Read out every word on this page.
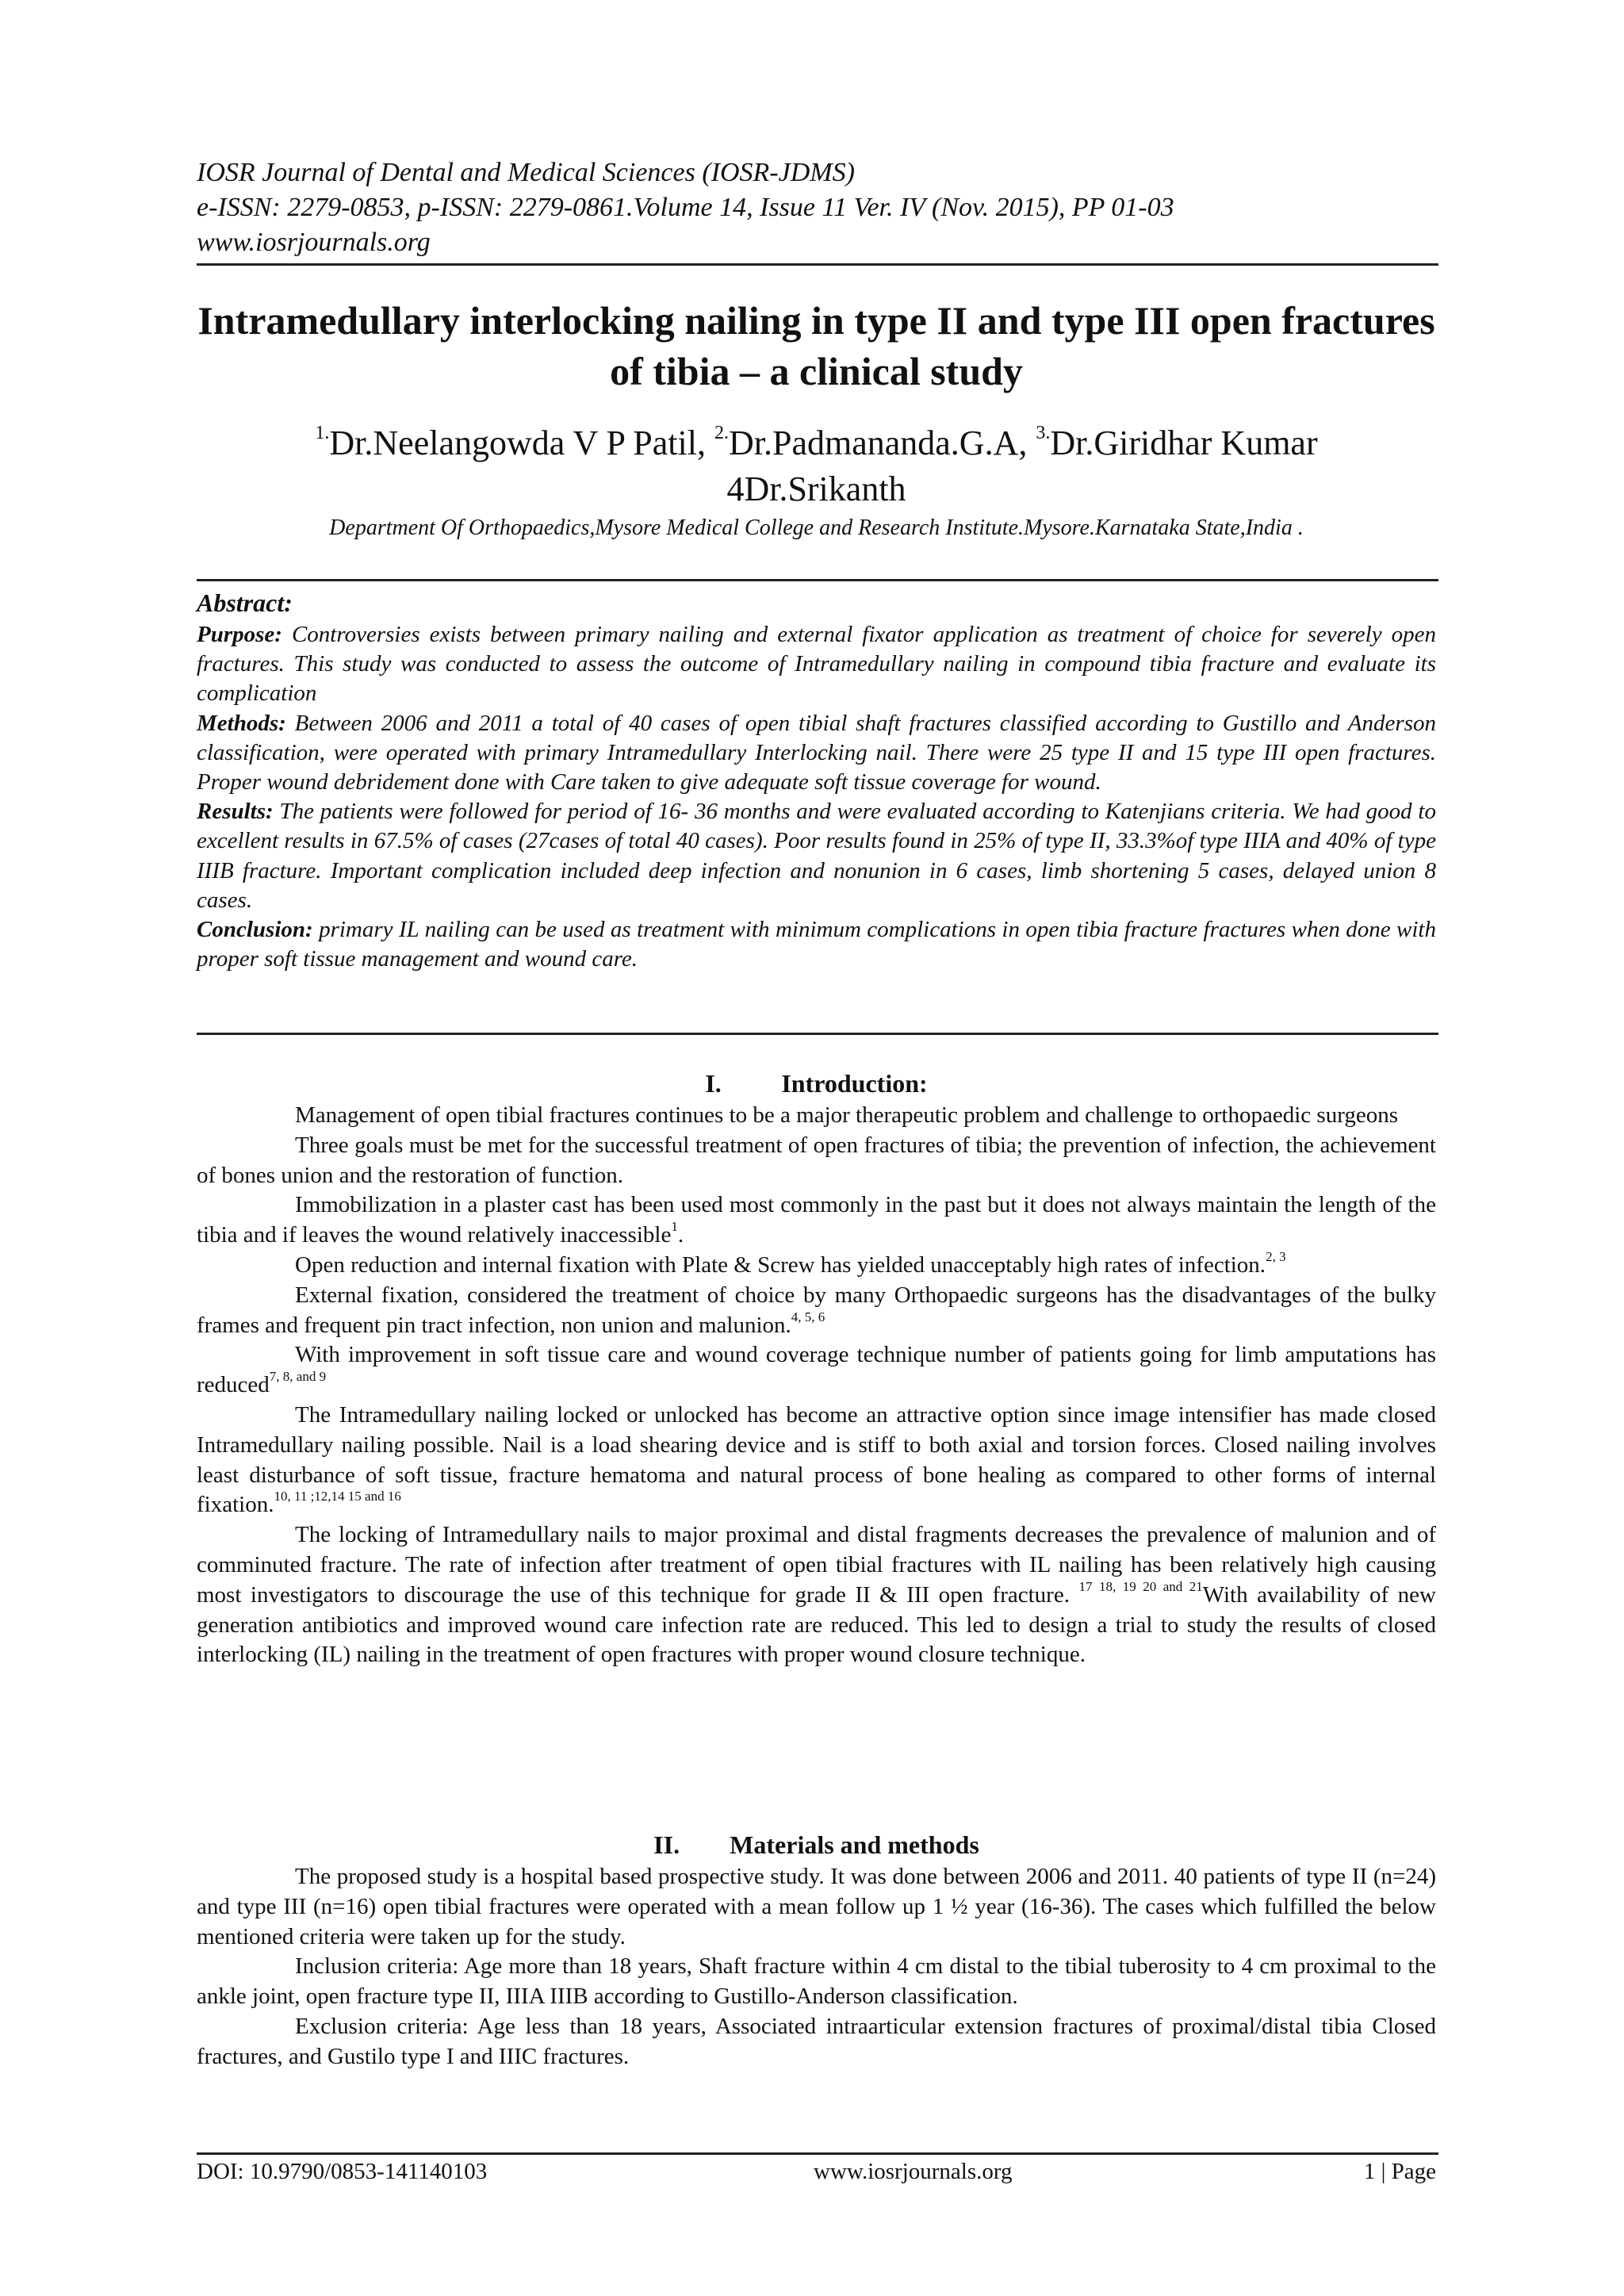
IOSR Journal of Dental and Medical Sciences (IOSR-JDMS)
e-ISSN: 2279-0853, p-ISSN: 2279-0861.Volume 14, Issue 11 Ver. IV (Nov. 2015), PP 01-03
www.iosrjournals.org
Intramedullary interlocking nailing in type II and type III open fractures of tibia – a clinical study
$^{1.}$Dr.Neelangowda V P Patil, $^{2.}$Dr.Padmananda.G.A, $^{3.}$Dr.Giridhar Kumar
4Dr.Srikanth
Department Of Orthopaedics,Mysore Medical College and Research Institute.Mysore.Karnataka State,India .
Abstract:

Purpose: Controversies exists between primary nailing and external fixator application as treatment of choice for severely open fractures. This study was conducted to assess the outcome of Intramedullary nailing in compound tibia fracture and evaluate its complication

Methods: Between 2006 and 2011 a total of 40 cases of open tibial shaft fractures classified according to Gustillo and Anderson classification, were operated with primary Intramedullary Interlocking nail. There were 25 type II and 15 type III open fractures. Proper wound debridement done with Care taken to give adequate soft tissue coverage for wound.

Results: The patients were followed for period of 16- 36 months and were evaluated according to Katenjians criteria. We had good to excellent results in 67.5% of cases (27cases of total 40 cases). Poor results found in 25% of type II, 33.3%of type IIIA and 40% of type IIIB fracture. Important complication included deep infection and nonunion in 6 cases, limb shortening 5 cases, delayed union 8 cases.

Conclusion: primary IL nailing can be used as treatment with minimum complications in open tibia fracture fractures when done with proper soft tissue management and wound care.

I. Introduction:

Management of open tibial fractures continues to be a major therapeutic problem and challenge to orthopaedic surgeons

Three goals must be met for the successful treatment of open fractures of tibia; the prevention of infection, the achievement of bones union and the restoration of function.

Immobilization in a plaster cast has been used most commonly in the past but it does not always maintain the length of the tibia and if leaves the wound relatively inaccessible$^1$.

Open reduction and internal fixation with Plate & Screw has yielded unacceptably high rates of infection.$^{2, 3}$

External fixation, considered the treatment of choice by many Orthopaedic surgeons has the disadvantages of the bulky frames and frequent pin tract infection, non union and malunion.$^{4, 5, 6}$

With improvement in soft tissue care and wound coverage technique number of patients going for limb amputations has reduced$^{7, 8, and 9}$

The Intramedullary nailing locked or unlocked has become an attractive option since image intensifier has made closed Intramedullary nailing possible. Nail is a load shearing device and is stiff to both axial and torsion forces. Closed nailing involves least disturbance of soft tissue, fracture hematoma and natural process of bone healing as compared to other forms of internal fixation.$^{10, 11 ;12,14 15 and 16}$

The locking of Intramedullary nails to major proximal and distal fragments decreases the prevalence of malunion and of comminuted fracture. The rate of infection after treatment of open tibial fractures with IL nailing has been relatively high causing most investigators to discourage the use of this technique for grade II & III open fracture. $^{17 18, 19 20 and 21}$With availability of new generation antibiotics and improved wound care infection rate are reduced. This led to design a trial to study the results of closed interlocking (IL) nailing in the treatment of open fractures with proper wound closure technique.

II. Materials and methods

The proposed study is a hospital based prospective study. It was done between 2006 and 2011. 40 patients of type II (n=24) and type III (n=16) open tibial fractures were operated with a mean follow up 1 ½ year (16-36). The cases which fulfilled the below mentioned criteria were taken up for the study.

Inclusion criteria: Age more than 18 years, Shaft fracture within 4 cm distal to the tibial tuberosity to 4 cm proximal to the ankle joint, open fracture type II, IIIA IIIB according to Gustillo-Anderson classification.

Exclusion criteria: Age less than 18 years, Associated intraarticular extension fractures of proximal/distal tibia Closed fractures, and Gustilo type I and IIIC fractures.

DOI: 10.9790/0853-141140103	www.iosrjournals.org	1 | Page
